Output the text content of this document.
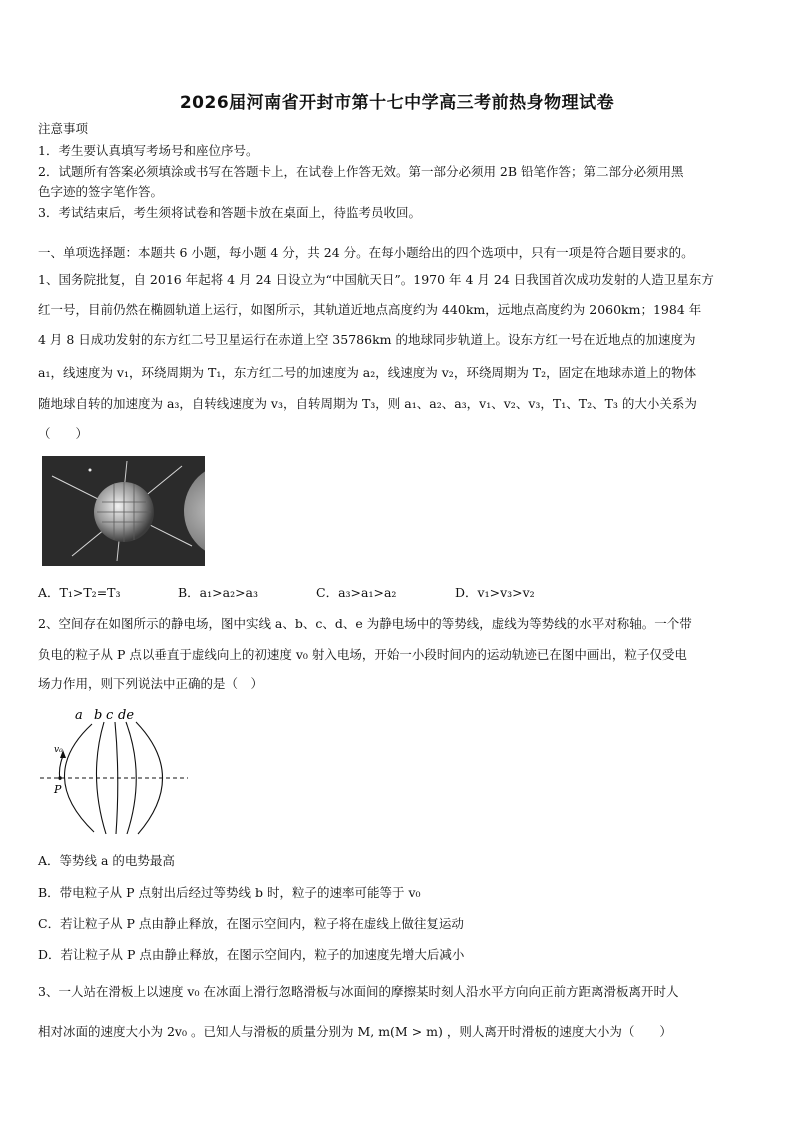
2026届河南省开封市第十七中学高三考前热身物理试卷
注意事项
1．考生要认真填写考场号和座位序号。
2．试题所有答案必须填涂或书写在答题卡上，在试卷上作答无效。第一部分必须用 2B 铅笔作答；第二部分必须用黑
色字迹的签字笔作答。
3．考试结束后，考生须将试卷和答题卡放在桌面上，待监考员收回。
一、单项选择题：本题共 6 小题，每小题 4 分，共 24 分。在每小题给出的四个选项中，只有一项是符合题目要求的。
1、国务院批复，自 2016 年起将 4 月 24 日设立为“中国航天日”。1970 年 4 月 24 日我国首次成功发射的人造卫星东方
红一号，目前仍然在椭圆轨道上运行，如图所示，其轨道近地点高度约为 440km，远地点高度约为 2060km；1984 年
4 月 8 日成功发射的东方红二号卫星运行在赤道上空 35786km 的地球同步轨道上。设东方红一号在近地点的加速度为
a₁，线速度为 v₁，环绕周期为 T₁，东方红二号的加速度为 a₂，线速度为 v₂，环绕周期为 T₂，固定在地球赤道上的物体
随地球自转的加速度为 a₃，自转线速度为 v₃，自转周期为 T₃，则 a₁、a₂、a₃，v₁、v₂、v₃，T₁、T₂、T₃ 的大小关系为
（　　）
A．T₁>T₂=T₃	B．a₁>a₂>a₃	C．a₃>a₁>a₂	D．v₁>v₃>v₂
2、空间存在如图所示的静电场，图中实线 a、b、c、d、e 为静电场中的等势线，虚线为等势线的水平对称轴。一个带
负电的粒子从 P 点以垂直于虚线向上的初速度 v₀ 射入电场，开始一小段时间内的运动轨迹已在图中画出，粒子仅受电
场力作用，则下列说法中正确的是（　）
a b c de
v₀
P
A．等势线 a 的电势最高
B．带电粒子从 P 点射出后经过等势线 b 时，粒子的速率可能等于 v₀
C．若让粒子从 P 点由静止释放，在图示空间内，粒子将在虚线上做往复运动
D．若让粒子从 P 点由静止释放，在图示空间内，粒子的加速度先增大后减小
3、一人站在滑板上以速度 v₀ 在冰面上滑行忽略滑板与冰面间的摩擦某时刻人沿水平方向向正前方距离滑板离开时人
相对冰面的速度大小为 2v₀ 。已知人与滑板的质量分别为 M, m(M > m) ，则人离开时滑板的速度大小为（　　）
